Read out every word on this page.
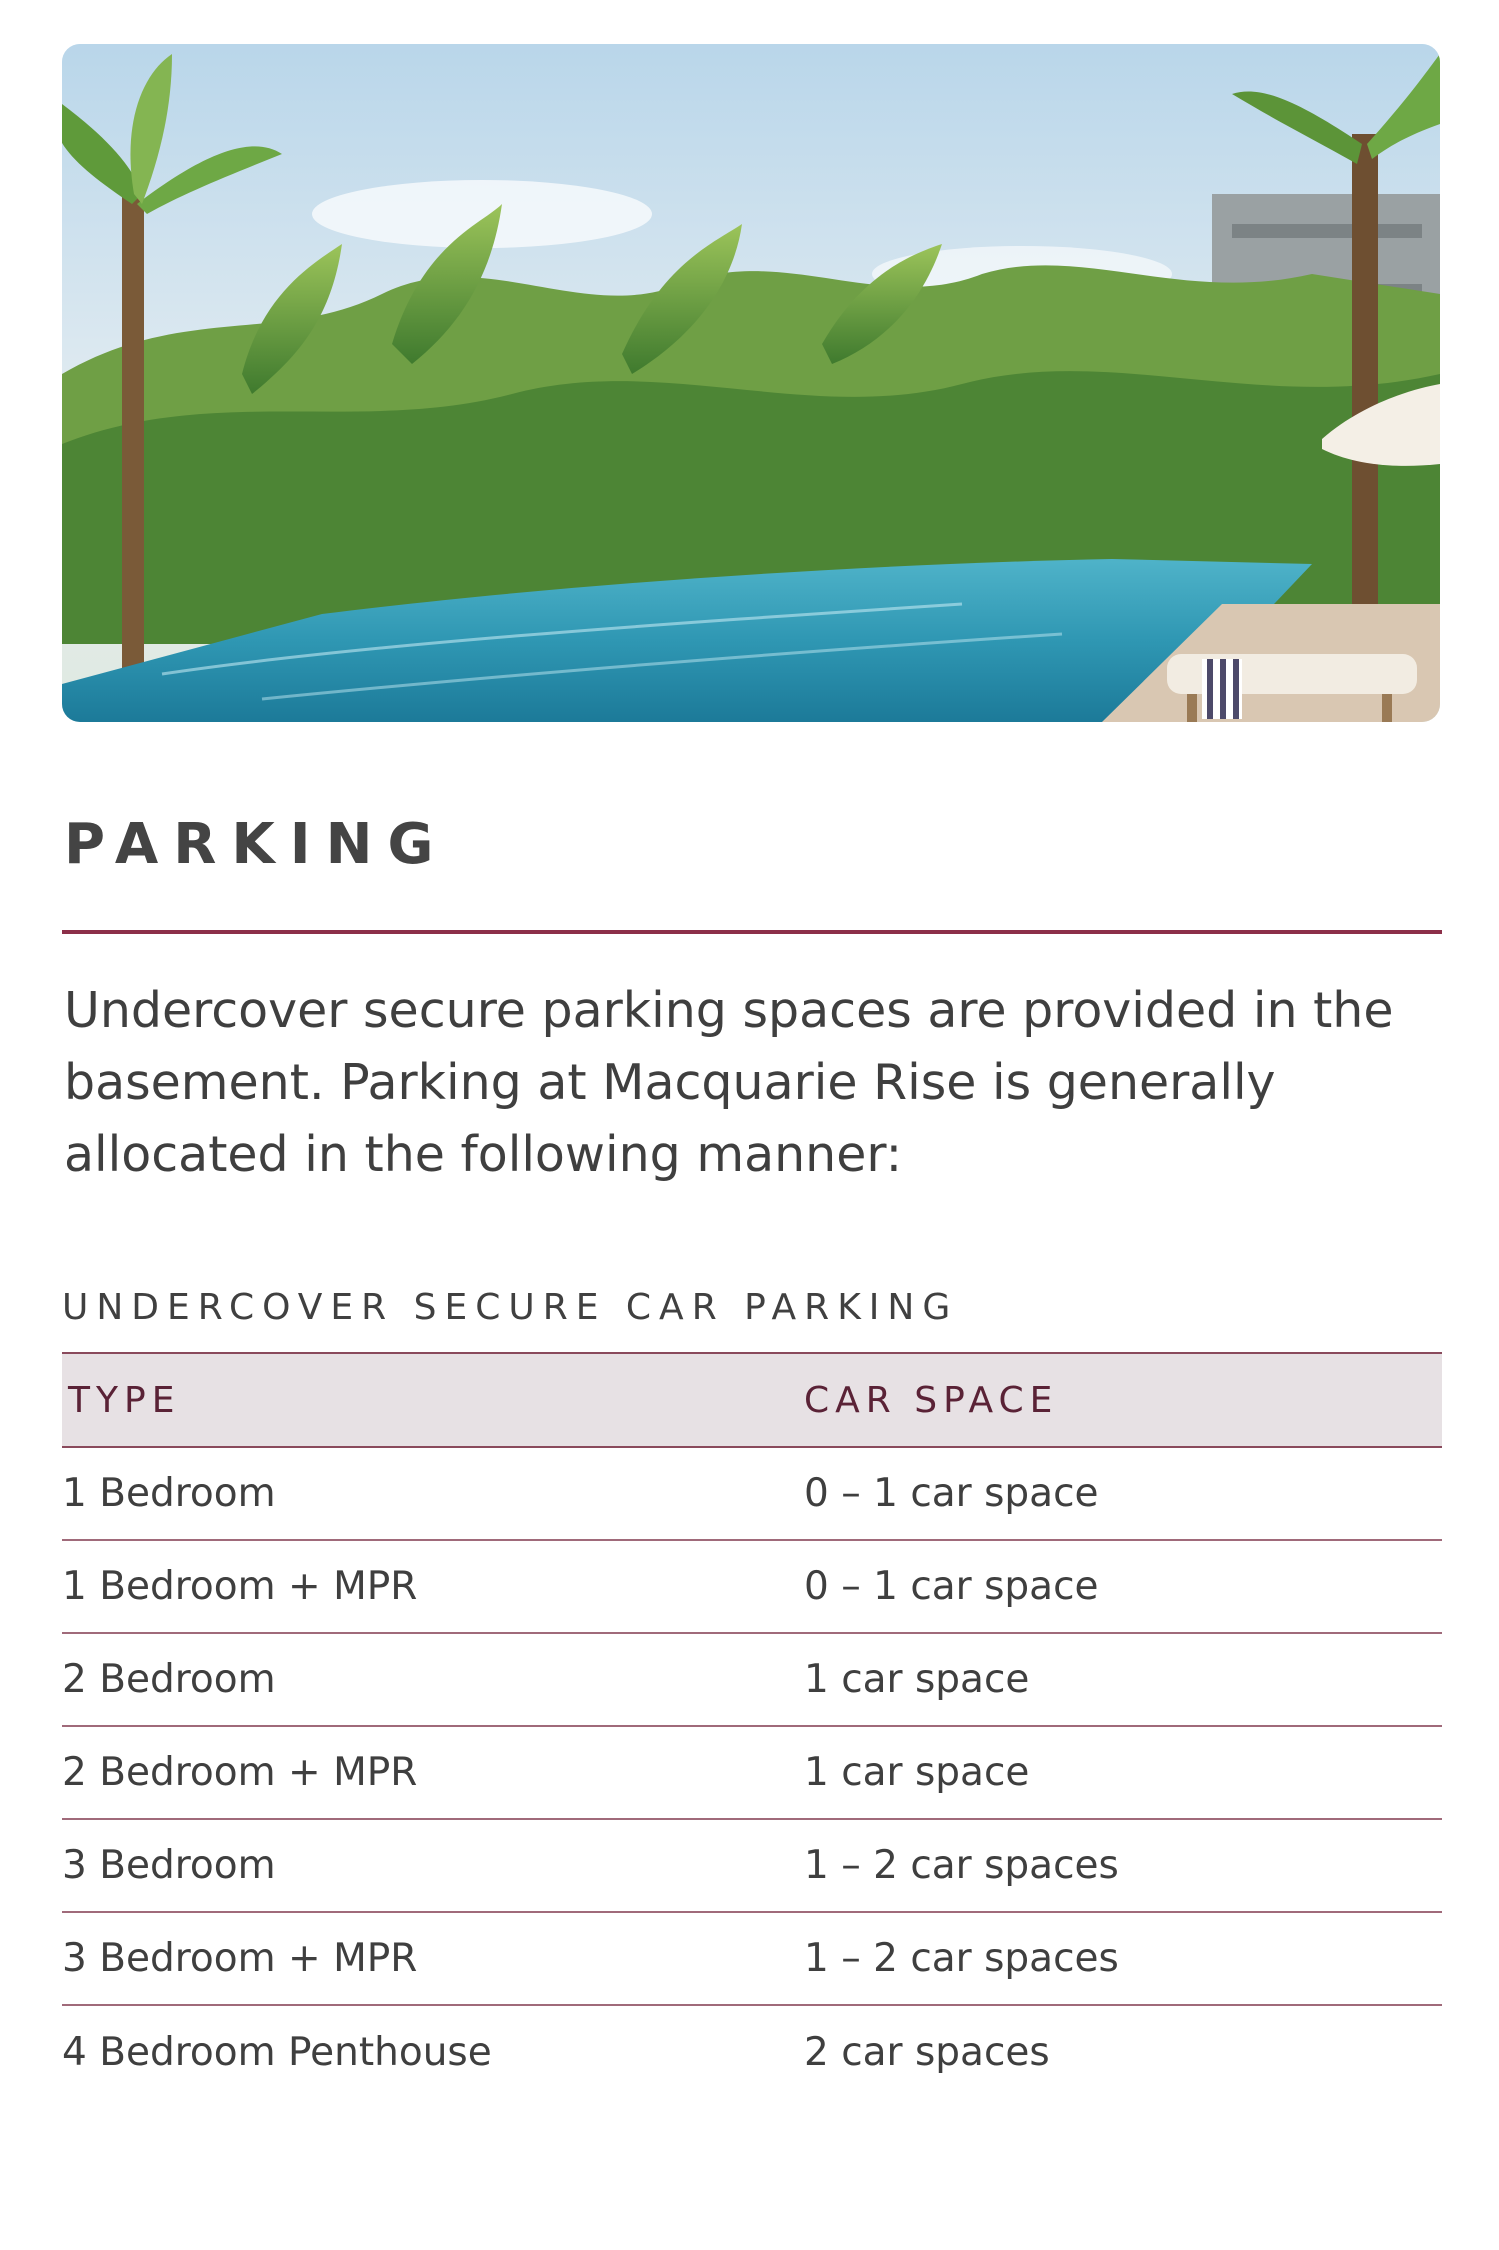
PARKING

Undercover secure parking spaces are provided in the basement. Parking at Macquarie Rise is generally allocated in the following manner:

UNDERCOVER SECURE CAR PARKING
TYPE	CAR SPACE
1 Bedroom	0 – 1 car space
1 Bedroom + MPR	0 – 1 car space
2 Bedroom	1 car space
2 Bedroom + MPR	1 car space
3 Bedroom	1 – 2 car spaces
3 Bedroom + MPR	1 – 2 car spaces
4 Bedroom Penthouse	2 car spaces
